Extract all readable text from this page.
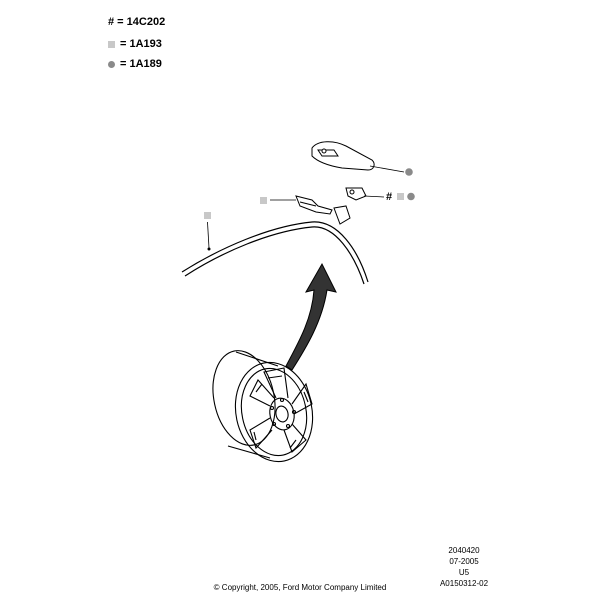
# = 14C202
= 1A193
= 1A189
#
2040420
07-2005
U5
A0150312-02
© Copyright, 2005, Ford Motor Company Limited
